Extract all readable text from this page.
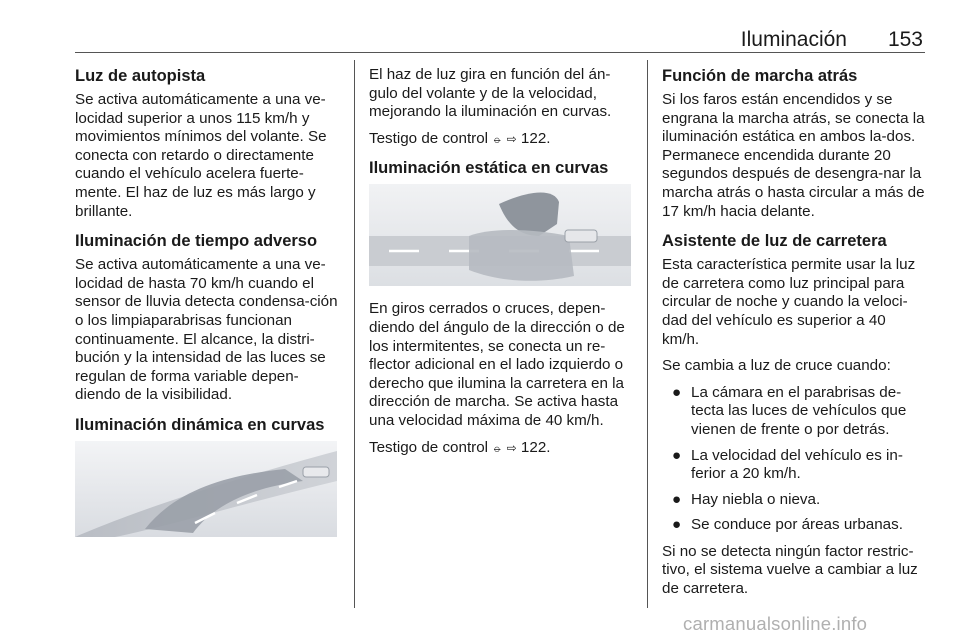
Iluminación 153
Luz de autopista

Se activa automáticamente a una ve-locidad superior a unos 115 km/h y movimientos mínimos del volante. Se conecta con retardo o directamente cuando el vehículo acelera fuerte-mente. El haz de luz es más largo y brillante.

Iluminación de tiempo adverso

Se activa automáticamente a una ve-locidad de hasta 70 km/h cuando el sensor de lluvia detecta condensa-ción o los limpiaparabrisas funcionan continuamente. El alcance, la distri-bución y la intensidad de las luces se regulan de forma variable depen-diendo de la visibilidad.

Iluminación dinámica en curvas

El haz de luz gira en función del án-gulo del volante y de la velocidad, mejorando la iluminación en curvas.

Testigo de control ⦵ ⇨ 122.

Iluminación estática en curvas

En giros cerrados o cruces, depen-diendo del ángulo de la dirección o de los intermitentes, se conecta un re-flector adicional en el lado izquierdo o derecho que ilumina la carretera en la dirección de marcha. Se activa hasta una velocidad máxima de 40 km/h.

Testigo de control ⦵ ⇨ 122.

Función de marcha atrás

Si los faros están encendidos y se engrana la marcha atrás, se conecta la iluminación estática en ambos la-dos. Permanece encendida durante 20 segundos después de desengra-nar la marcha atrás o hasta circular a más de 17 km/h hacia delante.

Asistente de luz de carretera

Esta característica permite usar la luz de carretera como luz principal para circular de noche y cuando la veloci-dad del vehículo es superior a 40 km/h.

Se cambia a luz de cruce cuando:

● La cámara en el parabrisas de-tecta las luces de vehículos que vienen de frente o por detrás.
● La velocidad del vehículo es in-ferior a 20 km/h.
● Hay niebla o nieva.
● Se conduce por áreas urbanas.

Si no se detecta ningún factor restric-tivo, el sistema vuelve a cambiar a luz de carretera.

carmanualsonline.info
